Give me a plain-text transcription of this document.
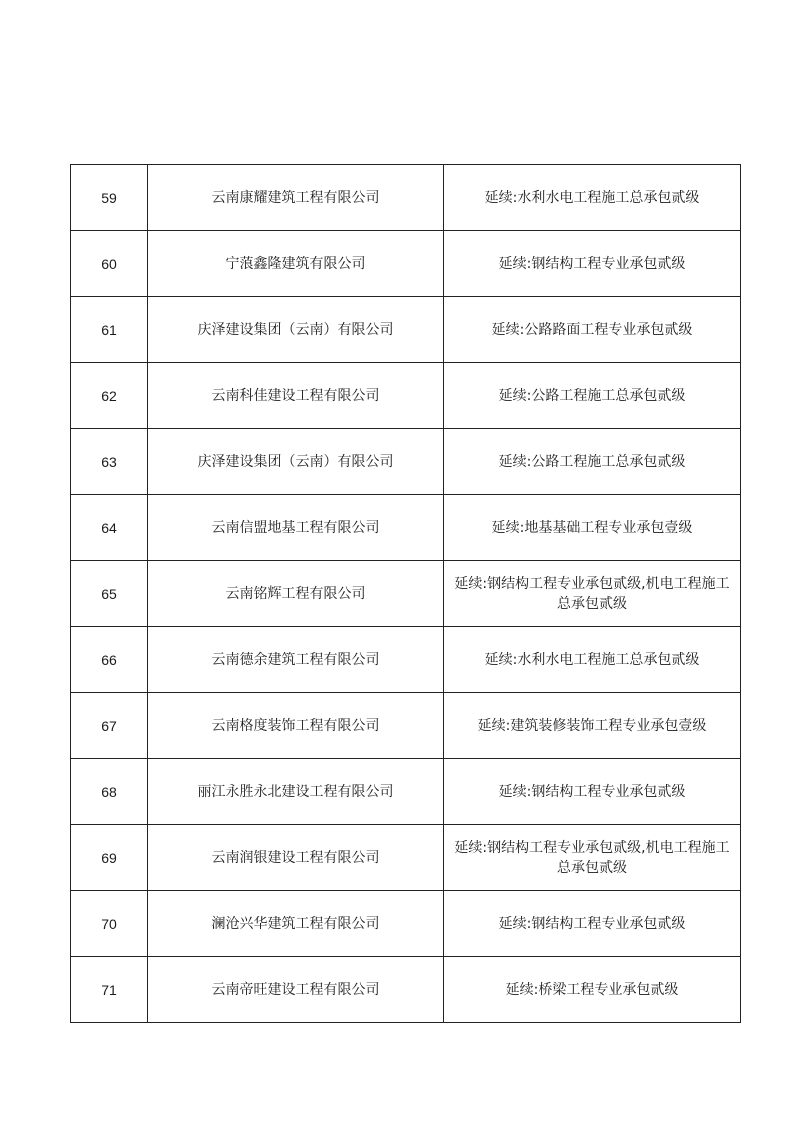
59	云南康耀建筑工程有限公司	延续:水利水电工程施工总承包贰级
60	宁蒗鑫隆建筑有限公司	延续:钢结构工程专业承包贰级
61	庆泽建设集团（云南）有限公司	延续:公路路面工程专业承包贰级
62	云南科佳建设工程有限公司	延续:公路工程施工总承包贰级
63	庆泽建设集团（云南）有限公司	延续:公路工程施工总承包贰级
64	云南信盟地基工程有限公司	延续:地基基础工程专业承包壹级
65	云南铭辉工程有限公司	延续:钢结构工程专业承包贰级,机电工程施工总承包贰级
66	云南德余建筑工程有限公司	延续:水利水电工程施工总承包贰级
67	云南格度装饰工程有限公司	延续:建筑装修装饰工程专业承包壹级
68	丽江永胜永北建设工程有限公司	延续:钢结构工程专业承包贰级
69	云南润银建设工程有限公司	延续:钢结构工程专业承包贰级,机电工程施工总承包贰级
70	澜沧兴华建筑工程有限公司	延续:钢结构工程专业承包贰级
71	云南帝旺建设工程有限公司	延续:桥梁工程专业承包贰级
